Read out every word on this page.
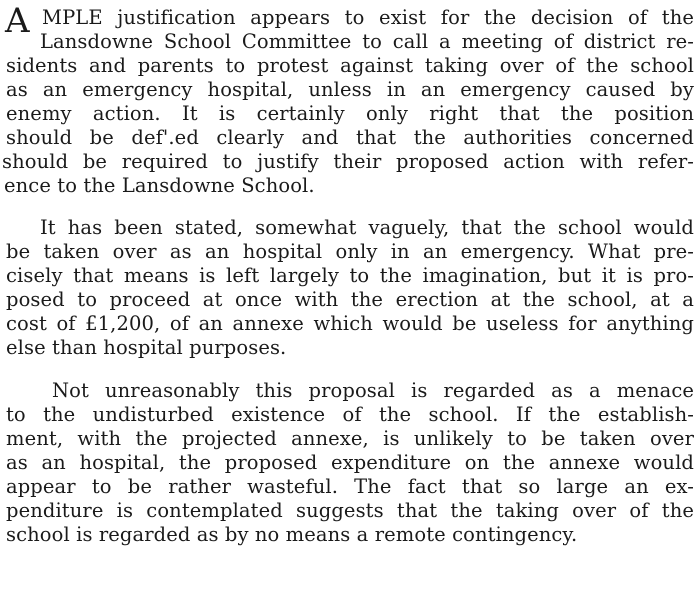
A MPLE justification appears to exist for the decision of the
Lansdowne School Committee to call a meeting of district re-
sidents and parents to protest against taking over of the school
as an emergency hospital, unless in an emergency caused by
enemy action. It is certainly only right that the position
should be def'.ed clearly and that the authorities concerned
should be required to justify their proposed action with refer-
ence to the Lansdowne School.
It has been stated, somewhat vaguely, that the school would
be taken over as an hospital only in an emergency. What pre-
cisely that means is left largely to the imagination, but it is pro-
posed to proceed at once with the erection at the school, at a
cost of £1,200, of an annexe which would be useless for anything
else than hospital purposes.
Not unreasonably this proposal is regarded as a menace
to the undisturbed existence of the school. If the establish-
ment, with the projected annexe, is unlikely to be taken over
as an hospital, the proposed expenditure on the annexe would
appear to be rather wasteful. The fact that so large an ex-
penditure is contemplated suggests that the taking over of the
school is regarded as by no means a remote contingency.
